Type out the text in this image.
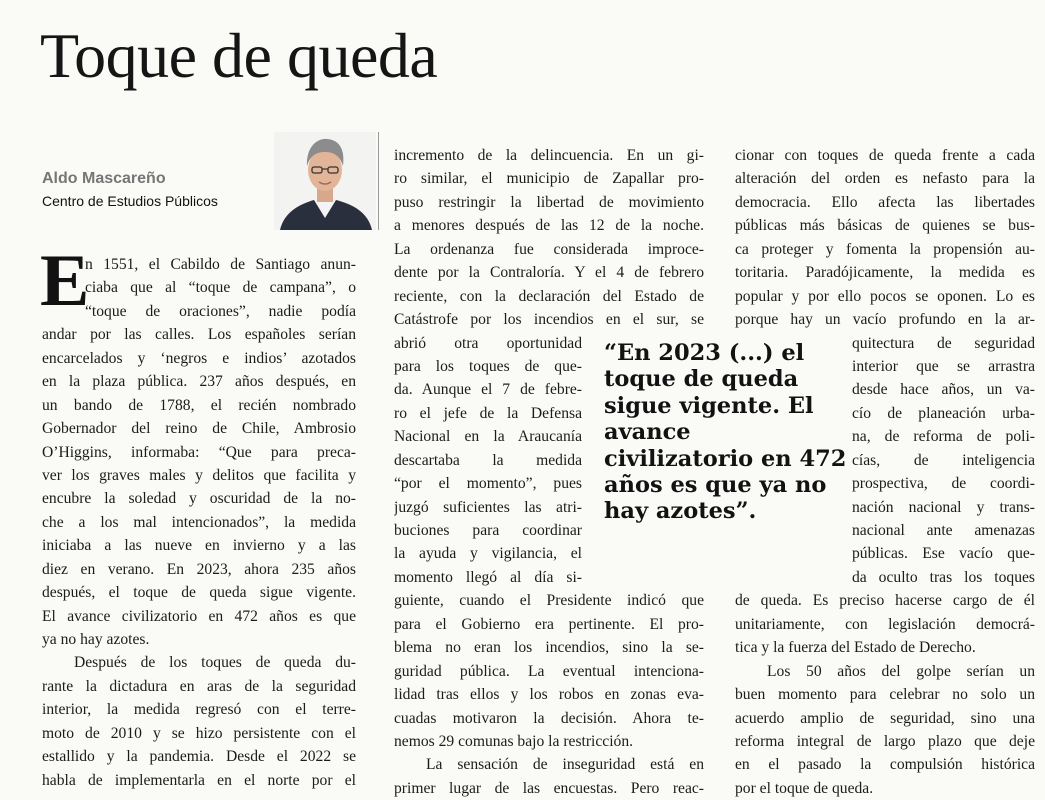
Toque de queda
Aldo Mascareño
Centro de Estudios Públicos
E
n 1551, el Cabildo de Santiago anun-
ciaba que al “toque de campana”, o
“toque de oraciones”, nadie podía
andar por las calles. Los españoles serían
encarcelados y ‘negros e indios’ azotados
en la plaza pública. 237 años después, en
un bando de 1788, el recién nombrado
Gobernador del reino de Chile, Ambrosio
O’Higgins, informaba: “Que para preca-
ver los graves males y delitos que facilita y
encubre la soledad y oscuridad de la no-
che a los mal intencionados”, la medida
iniciaba a las nueve en invierno y a las
diez en verano. En 2023, ahora 235 años
después, el toque de queda sigue vigente.
El avance civilizatorio en 472 años es que
ya no hay azotes.
Después de los toques de queda du-
rante la dictadura en aras de la seguridad
interior, la medida regresó con el terre-
moto de 2010 y se hizo persistente con el
estallido y la pandemia. Desde el 2022 se
habla de implementarla en el norte por el
incremento de la delincuencia. En un gi-
ro similar, el municipio de Zapallar pro-
puso restringir la libertad de movimiento
a menores después de las 12 de la noche.
La ordenanza fue considerada improce-
dente por la Contraloría. Y el 4 de febrero
reciente, con la declaración del Estado de
Catástrofe por los incendios en el sur, se
abrió otra oportunidad
para los toques de que-
da. Aunque el 7 de febre-
ro el jefe de la Defensa
Nacional en la Araucanía
descartaba la medida
“por el momento”, pues
juzgó suficientes las atri-
buciones para coordinar
la ayuda y vigilancia, el
momento llegó al día si-
guiente, cuando el Presidente indicó que
para el Gobierno era pertinente. El pro-
blema no eran los incendios, sino la se-
guridad pública. La eventual intenciona-
lidad tras ellos y los robos en zonas eva-
cuadas motivaron la decisión. Ahora te-
nemos 29 comunas bajo la restricción.
La sensación de inseguridad está en
primer lugar de las encuestas. Pero reac-
“En 2023 (...) el
toque de queda
sigue vigente. El
avance
civilizatorio en 472
años es que ya no
hay azotes”.
cionar con toques de queda frente a cada
alteración del orden es nefasto para la
democracia. Ello afecta las libertades
públicas más básicas de quienes se bus-
ca proteger y fomenta la propensión au-
toritaria. Paradójicamente, la medida es
popular y por ello pocos se oponen. Lo es
porque hay un vacío profundo en la ar-
quitectura de seguridad
interior que se arrastra
desde hace años, un va-
cío de planeación urba-
na, de reforma de poli-
cías, de inteligencia
prospectiva, de coordi-
nación nacional y trans-
nacional ante amenazas
públicas. Ese vacío que-
da oculto tras los toques
de queda. Es preciso hacerse cargo de él
unitariamente, con legislación democrá-
tica y la fuerza del Estado de Derecho.
Los 50 años del golpe serían un
buen momento para celebrar no solo un
acuerdo amplio de seguridad, sino una
reforma integral de largo plazo que deje
en el pasado la compulsión histórica
por el toque de queda.
